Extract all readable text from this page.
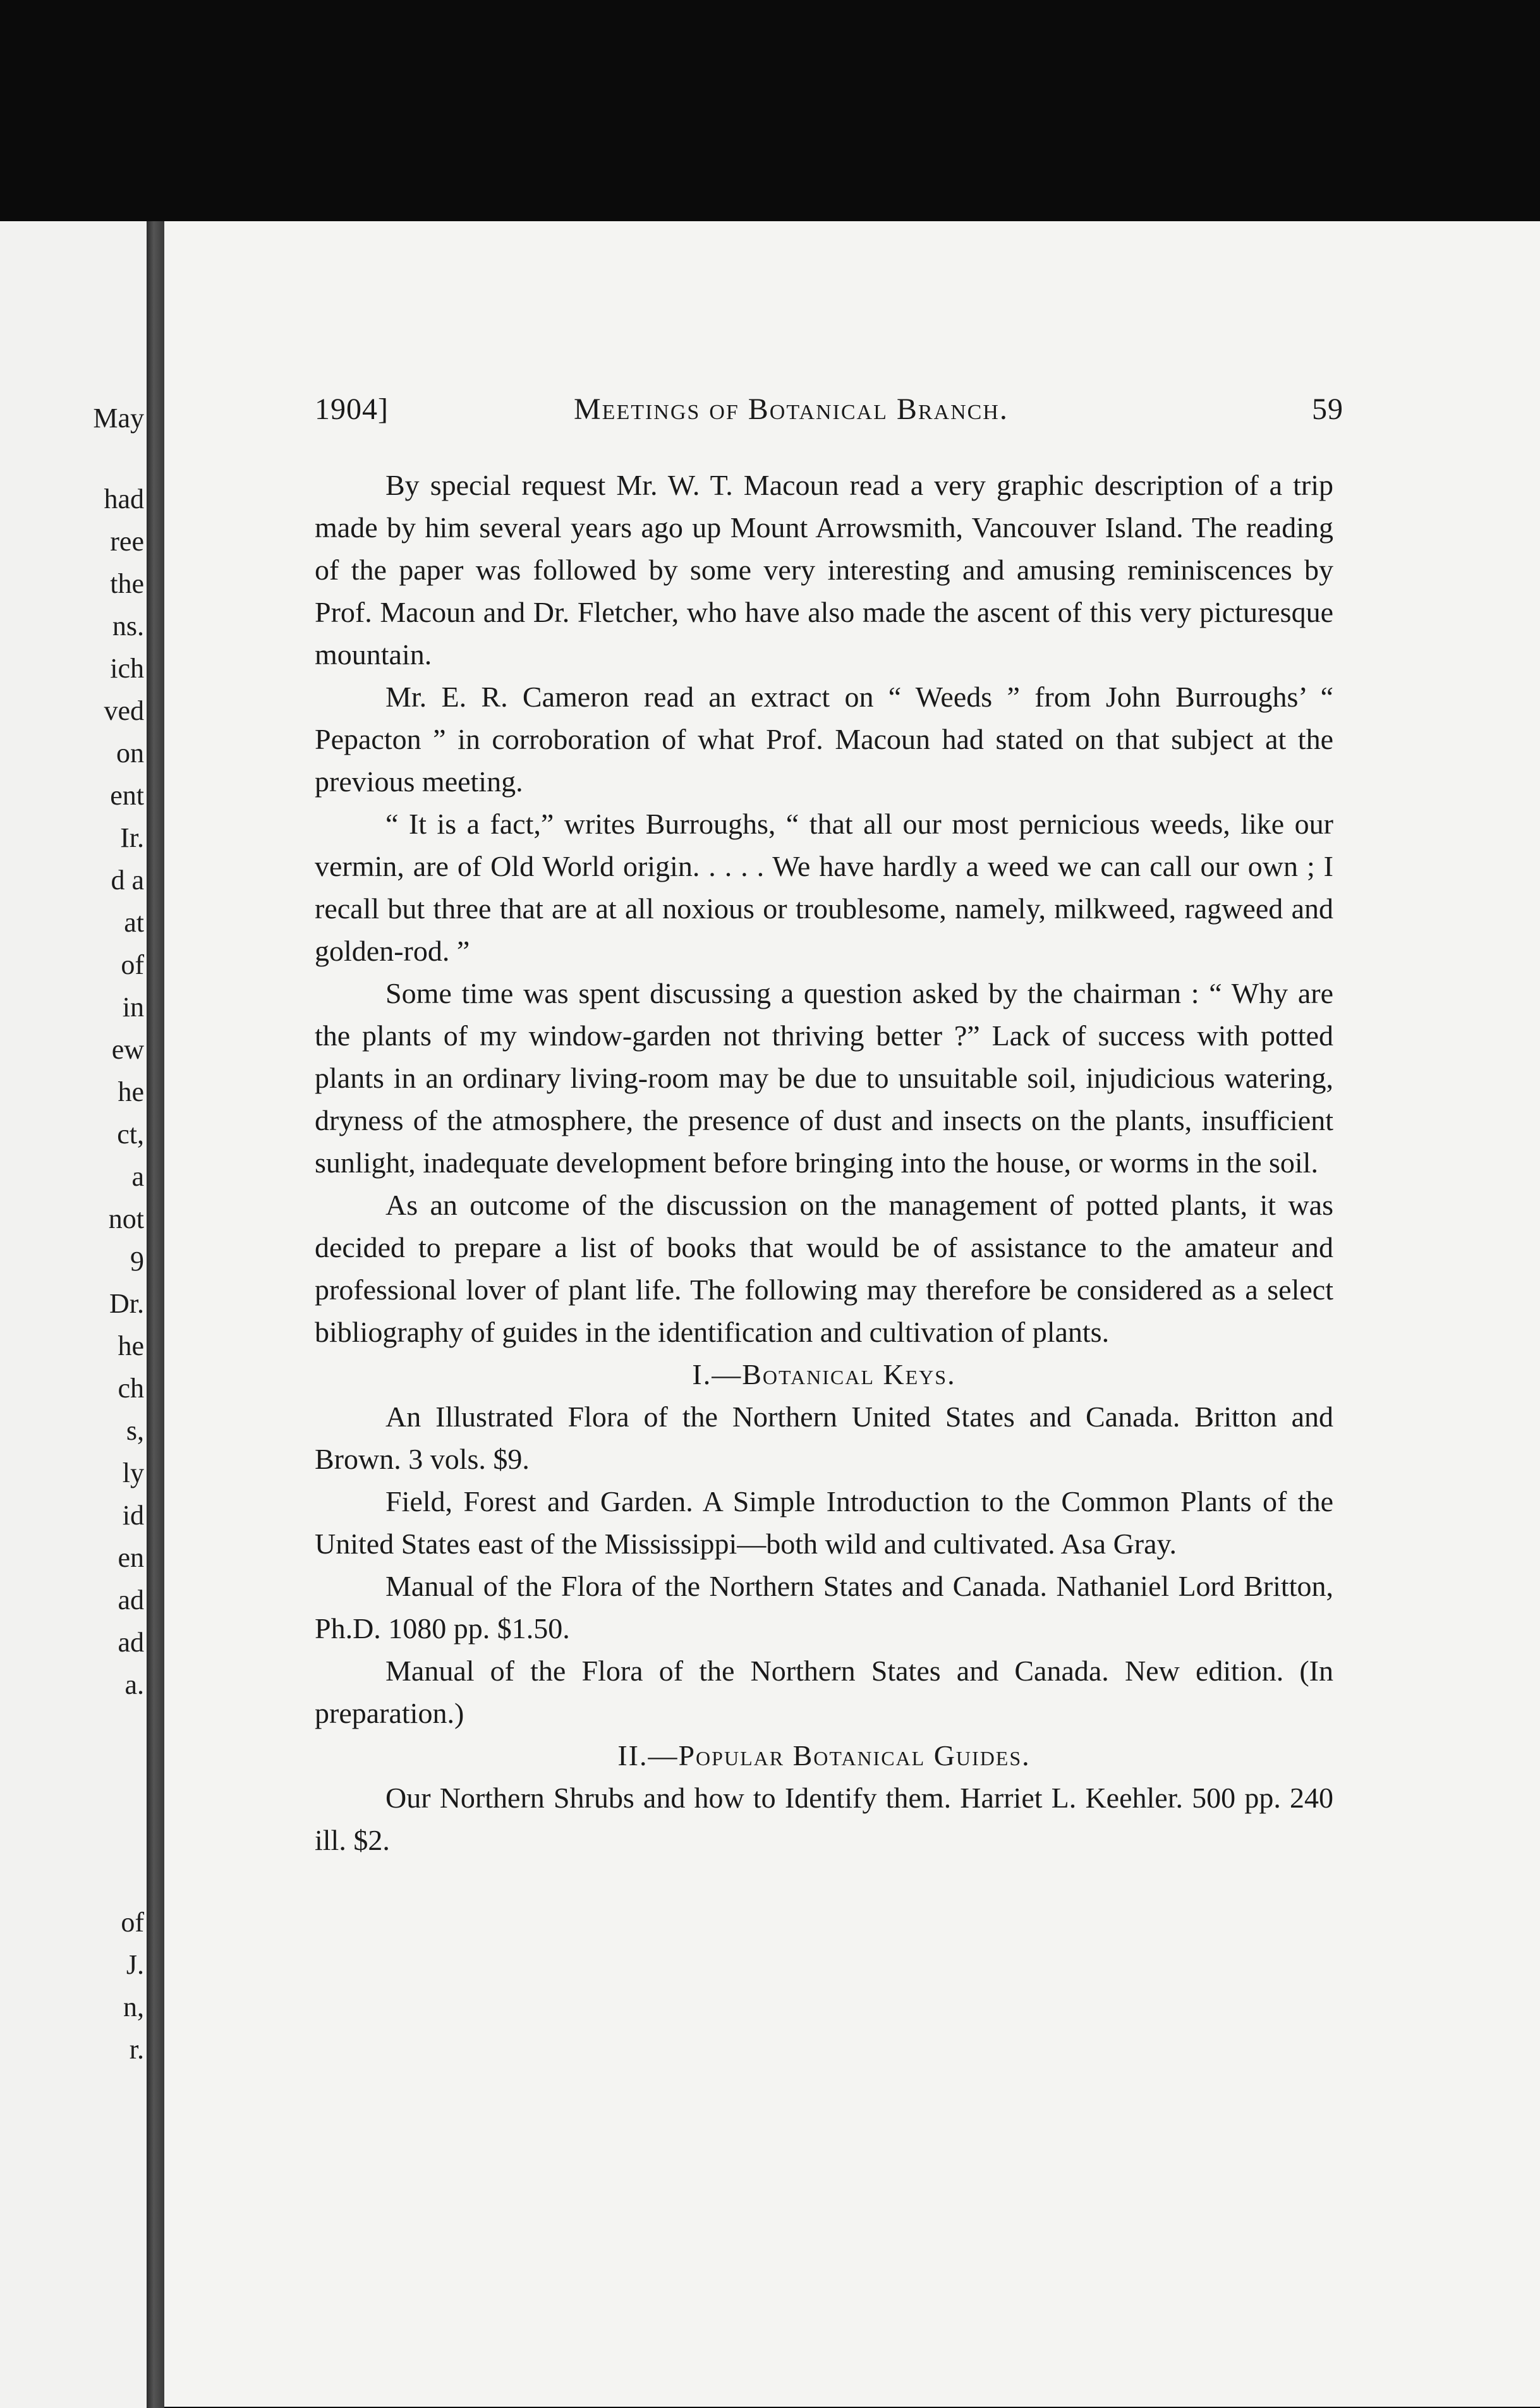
May
had
ree
the
ns.
ich
ved
on
ent
Ir.
d a
at
of
in
ew
he
ct,
a
not
9
Dr.
he
ch
s,
ly
id
en
ad
ad
a.
of
J.
n,
r.
1904]	Meetings of Botanical Branch.	59

By special request Mr. W. T. Macoun read a very graphic description of a trip made by him several years ago up Mount Arrowsmith, Vancouver Island. The reading of the paper was followed by some very interesting and amusing reminiscences by Prof. Macoun and Dr. Fletcher, who have also made the ascent of this very picturesque mountain.

Mr. E. R. Cameron read an extract on “ Weeds ” from John Burroughs’ “ Pepacton ” in corroboration of what Prof. Macoun had stated on that subject at the previous meeting.

“ It is a fact,” writes Burroughs, “ that all our most pernicious weeds, like our vermin, are of Old World origin. . . . . We have hardly a weed we can call our own ; I recall but three that are at all noxious or troublesome, namely, milkweed, ragweed and golden-rod. ”

Some time was spent discussing a question asked by the chairman : “ Why are the plants of my window-garden not thriving better ?” Lack of success with potted plants in an ordinary living-room may be due to unsuitable soil, injudicious watering, dryness of the atmosphere, the presence of dust and insects on the plants, insufficient sunlight, inadequate development before bringing into the house, or worms in the soil.

As an outcome of the discussion on the management of potted plants, it was decided to prepare a list of books that would be of assistance to the amateur and professional lover of plant life. The following may therefore be considered as a select bibliography of guides in the identification and cultivation of plants.

I.—Botanical Keys.

An Illustrated Flora of the Northern United States and Canada. Britton and Brown. 3 vols. $9.

Field, Forest and Garden. A Simple Introduction to the Common Plants of the United States east of the Mississippi—both wild and cultivated. Asa Gray.

Manual of the Flora of the Northern States and Canada. Nathaniel Lord Britton, Ph.D. 1080 pp. $1.50.

Manual of the Flora of the Northern States and Canada. New edition. (In preparation.)

II.—Popular Botanical Guides.

Our Northern Shrubs and how to Identify them. Harriet L. Keehler. 500 pp. 240 ill. $2.
